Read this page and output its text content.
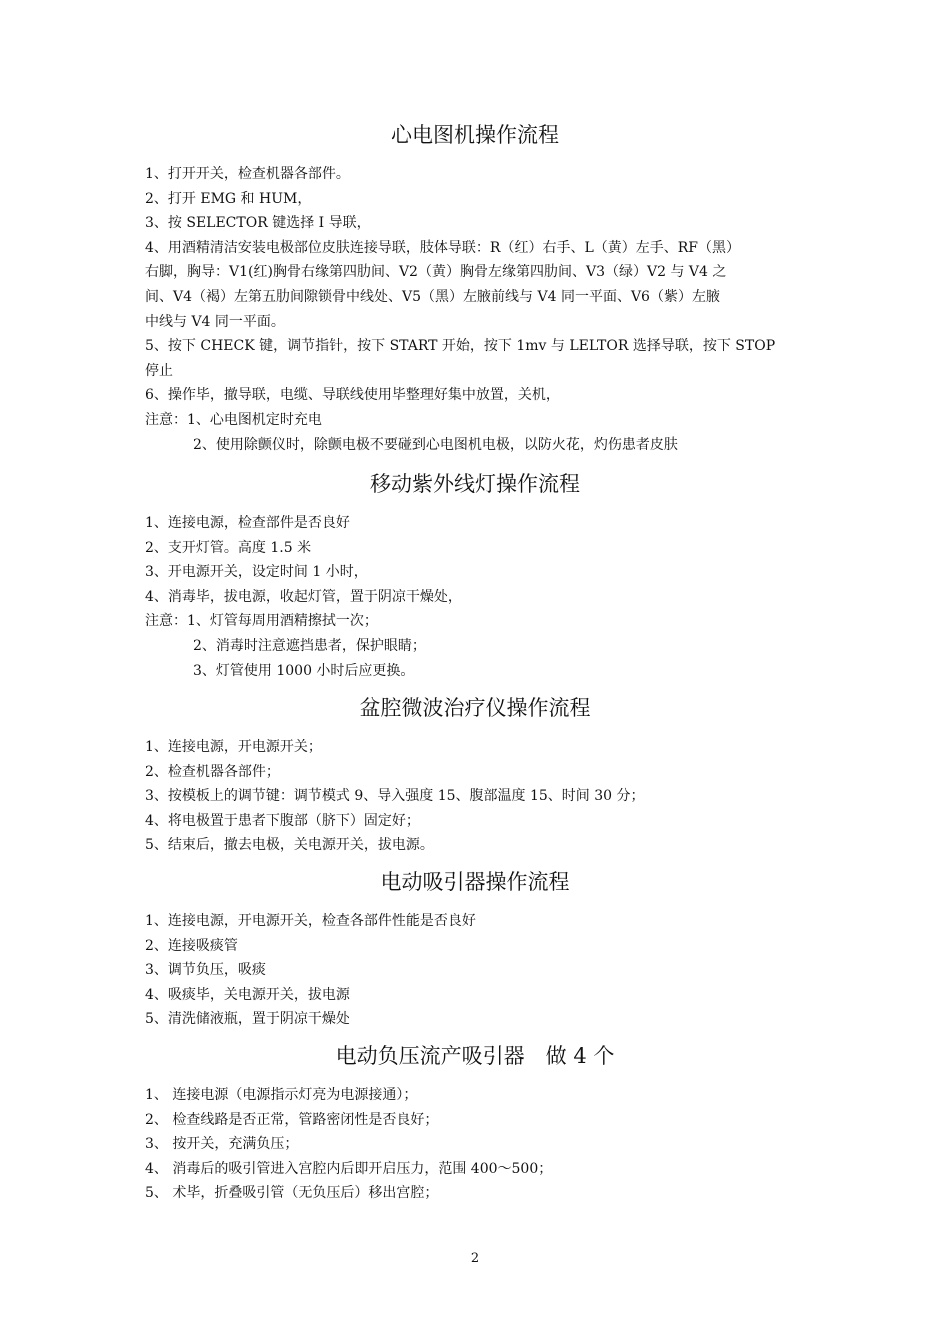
心电图机操作流程
1、打开开关，检查机器各部件。
2、打开 EMG 和 HUM，
3、按 SELECTOR 键选择 I 导联，
4、用酒精清洁安装电极部位皮肤连接导联，肢体导联：R（红）右手、L（黄）左手、RF（黑）
右脚，胸导：V1(红)胸骨右缘第四肋间、V2（黄）胸骨左缘第四肋间、V3（绿）V2 与 V4 之
间、V4（褐）左第五肋间隙锁骨中线处、V5（黑）左腋前线与 V4 同一平面、V6（紫）左腋
中线与 V4 同一平面。
5、按下 CHECK 键，调节指针，按下 START 开始，按下 1mv 与 LELTOR 选择导联，按下 STOP
停止
6、操作毕，撤导联，电缆、导联线使用毕整理好集中放置，关机，
注意：1、心电图机定时充电
2、使用除颤仪时，除颤电极不要碰到心电图机电极，以防火花，灼伤患者皮肤
移动紫外线灯操作流程
1、连接电源，检查部件是否良好
2、支开灯管。高度 1.5 米
3、开电源开关，设定时间 1 小时，
4、消毒毕，拔电源，收起灯管，置于阴凉干燥处，
注意：1、灯管每周用酒精擦拭一次；
2、消毒时注意遮挡患者，保护眼睛；
3、灯管使用 1000 小时后应更换。
盆腔微波治疗仪操作流程
1、连接电源，开电源开关；
2、检查机器各部件；
3、按模板上的调节键：调节模式 9、导入强度 15、腹部温度 15、时间 30 分；
4、将电极置于患者下腹部（脐下）固定好；
5、结束后，撤去电极，关电源开关，拔电源。
电动吸引器操作流程
1、连接电源，开电源开关，检查各部件性能是否良好
2、连接吸痰管
3、调节负压，吸痰
4、吸痰毕，关电源开关，拔电源
5、清洗储液瓶，置于阴凉干燥处
电动负压流产吸引器　做 4 个
1、 连接电源（电源指示灯亮为电源接通）；
2、 检查线路是否正常，管路密闭性是否良好；
3、 按开关，充满负压；
4、 消毒后的吸引管进入宫腔内后即开启压力，范围 400～500；
5、 术毕，折叠吸引管（无负压后）移出宫腔；
2
